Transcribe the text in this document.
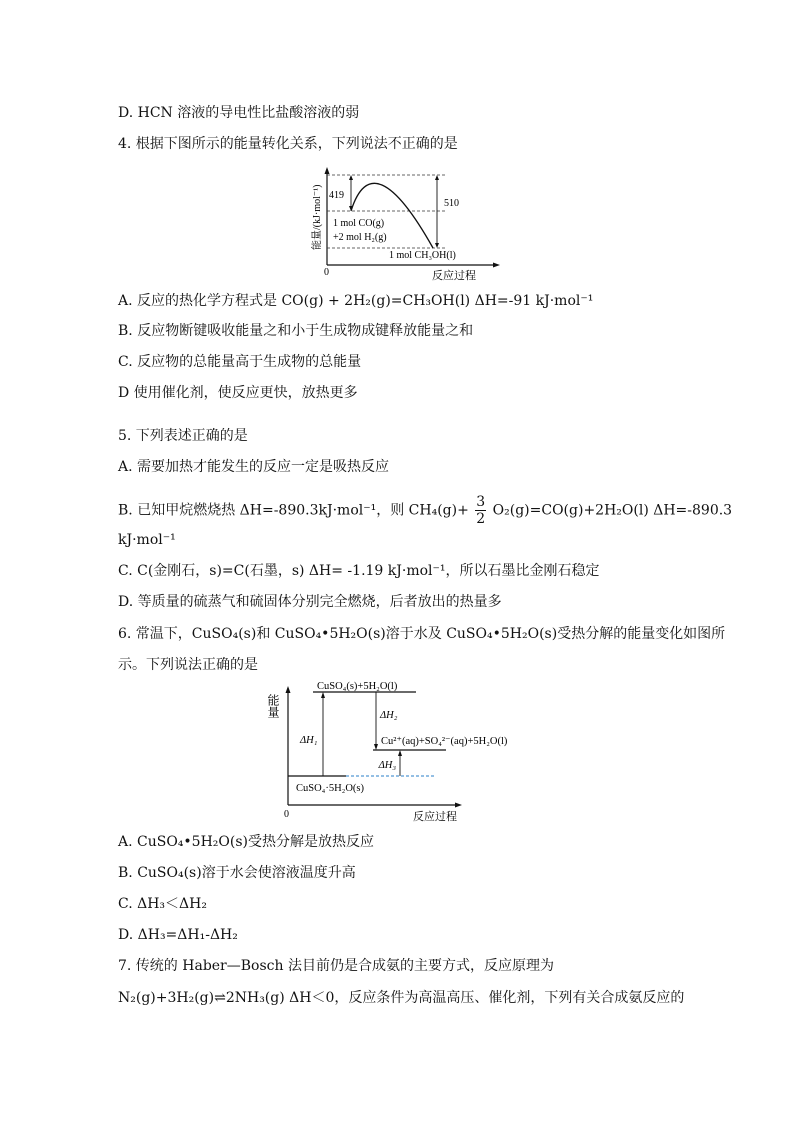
D. HCN 溶液的导电性比盐酸溶液的弱
4. 根据下图所示的能量转化关系，下列说法不正确的是
419
510
1 mol CO(g)
+2 mol H₂(g)
1 mol CH₃OH(l)
0	反应过程
能量/(kJ·mol⁻¹)
A. 反应的热化学方程式是 CO(g) + 2H₂(g)=CH₃OH(l) ΔH=-91 kJ·mol⁻¹
B. 反应物断键吸收能量之和小于生成物成键释放能量之和
C. 反应物的总能量高于生成物的总能量
D 使用催化剂，使反应更快，放热更多
5. 下列表述正确的是
A. 需要加热才能发生的反应一定是吸热反应
B. 已知甲烷燃烧热 ΔH=-890.3kJ·mol⁻¹，则 $CH_4(g)+ \frac{3}{2} O_2(g)=CO(g)+2H_2O(l)$ ΔH=-890.3
kJ·mol⁻¹
C. C(金刚石，s)=C(石墨，s) ΔH= -1.19 kJ·mol⁻¹，所以石墨比金刚石稳定
D. 等质量的硫蒸气和硫固体分别完全燃烧，后者放出的热量多
6. 常温下，CuSO₄(s)和 CuSO₄•5H₂O(s)溶于水及 CuSO₄•5H₂O(s)受热分解的能量变化如图所
示。下列说法正确的是
CuSO₄(s)+5H₂O(l)
Cu²⁺(aq)+SO₄²⁻(aq)+5H₂O(l)
CuSO₄·5H₂O(s)
ΔH₁
ΔH₂
ΔH₃
0	反应过程
能量
A. CuSO₄•5H₂O(s)受热分解是放热反应
B. CuSO₄(s)溶于水会使溶液温度升高
C. ΔH₃＜ΔH₂
D. ΔH₃=ΔH₁-ΔH₂
7. 传统的 Haber—Bosch 法目前仍是合成氨的主要方式，反应原理为
N₂(g)+3H₂(g)⇌2NH₃(g) ΔH＜0，反应条件为高温高压、催化剂，下列有关合成氨反应的
